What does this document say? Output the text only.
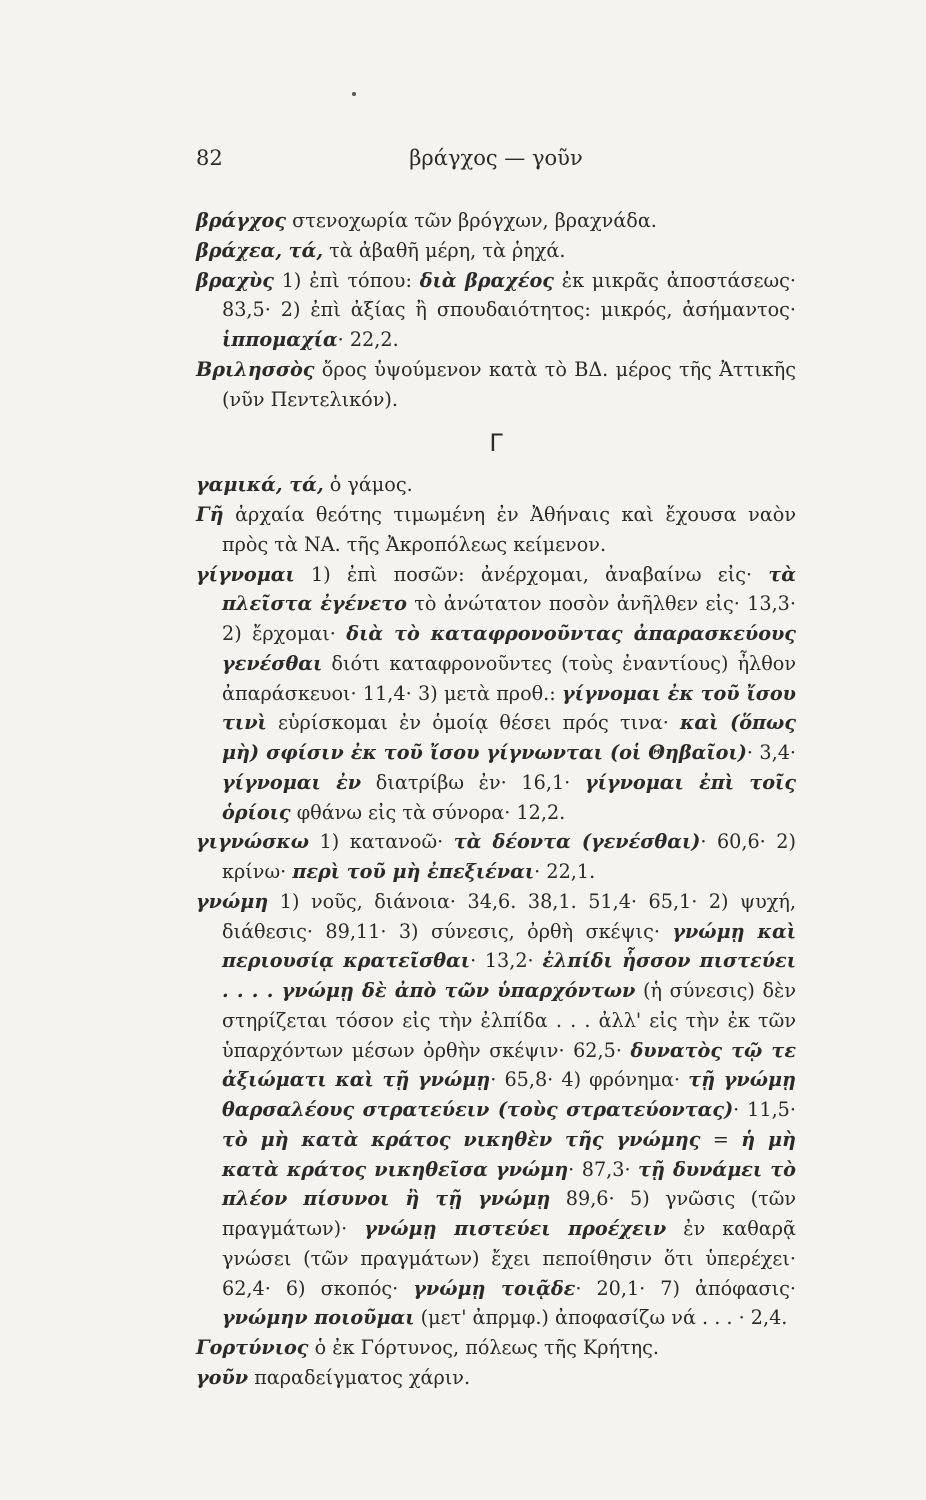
82	βράγχος — γοῦν

βράγχος στενοχωρία τῶν βρόγχων, βραχνάδα.

βράχεα, τά, τὰ ἀβαθῆ μέρη, τὰ ῥηχά.

βραχὺς 1) ἐπὶ τόπου: διὰ βραχέος ἐκ μικρᾶς ἀποστάσεως· 83,5· 2) ἐπὶ ἀξίας ἢ σπουδαιότητος: μικρός, ἀσήμαντος· ἱππομαχία· 22,2.

Βριλησσὸς ὄρος ὑψούμενον κατὰ τὸ ΒΔ. μέρος τῆς Ἀττικῆς (νῦν Πεντελικόν).

Γ

γαμικά, τά, ὁ γάμος.

Γῆ ἀρχαία θεότης τιμωμένη ἐν Ἀθήναις καὶ ἔχουσα ναὸν πρὸς τὰ ΝΑ. τῆς Ἀκροπόλεως κείμενον.

γίγνομαι 1) ἐπὶ ποσῶν: ἀνέρχομαι, ἀναβαίνω εἰς· τὰ πλεῖστα ἐγένετο τὸ ἀνώτατον ποσὸν ἀνῆλθεν εἰς· 13,3· 2) ἔρχομαι· διὰ τὸ καταφρονοῦντας ἀπαρασκεύους γενέσθαι διότι καταφρονοῦντες (τοὺς ἐναντίους) ἦλθον ἀπαράσκευοι· 11,4· 3) μετὰ προθ.: γίγνομαι ἐκ τοῦ ἴσου τινὶ εὑρίσκομαι ἐν ὁμοίᾳ θέσει πρός τινα· καὶ (ὅπως μὴ) σφίσιν ἐκ τοῦ ἴσου γίγνωνται (οἱ Θηβαῖοι)· 3,4· γίγνομαι ἐν διατρίβω ἐν· 16,1· γίγνομαι ἐπὶ τοῖς ὁρίοις φθάνω εἰς τὰ σύνορα· 12,2.

γιγνώσκω 1) κατανοῶ· τὰ δέοντα (γενέσθαι)· 60,6· 2) κρίνω· περὶ τοῦ μὴ ἐπεξιέναι· 22,1.

γνώμη 1) νοῦς, διάνοια· 34,6. 38,1. 51,4· 65,1· 2) ψυχή, διάθεσις· 89,11· 3) σύνεσις, ὀρθὴ σκέψις· γνώμῃ καὶ περιουσίᾳ κρατεῖσθαι· 13,2· ἐλπίδι ἧσσον πιστεύει . . . . γνώμῃ δὲ ἀπὸ τῶν ὑπαρχόντων (ἡ σύνεσις) δὲν στηρίζεται τόσον εἰς τὴν ἐλπίδα . . . ἀλλ' εἰς τὴν ἐκ τῶν ὑπαρχόντων μέσων ὀρθὴν σκέψιν· 62,5· δυνατὸς τῷ τε ἀξιώματι καὶ τῇ γνώμῃ· 65,8· 4) φρόνημα· τῇ γνώμῃ θαρσαλέους στρατεύειν (τοὺς στρατεύοντας)· 11,5· τὸ μὴ κατὰ κράτος νικηθὲν τῆς γνώμης = ἡ μὴ κατὰ κράτος νικηθεῖσα γνώμη· 87,3· τῇ δυνάμει τὸ πλέον πίσυνοι ἢ τῇ γνώμῃ 89,6· 5) γνῶσις (τῶν πραγμάτων)· γνώμῃ πιστεύει προέχειν ἐν καθαρᾷ γνώσει (τῶν πραγμάτων) ἔχει πεποίθησιν ὅτι ὑπερέχει· 62,4· 6) σκοπός· γνώμῃ τοιᾷδε· 20,1· 7) ἀπόφασις· γνώμην ποιοῦμαι (μετ' ἀπρμφ.) ἀποφασίζω νά . . . · 2,4.

Γορτύνιος ὁ ἐκ Γόρτυνος, πόλεως τῆς Κρήτης.

γοῦν παραδείγματος χάριν.
